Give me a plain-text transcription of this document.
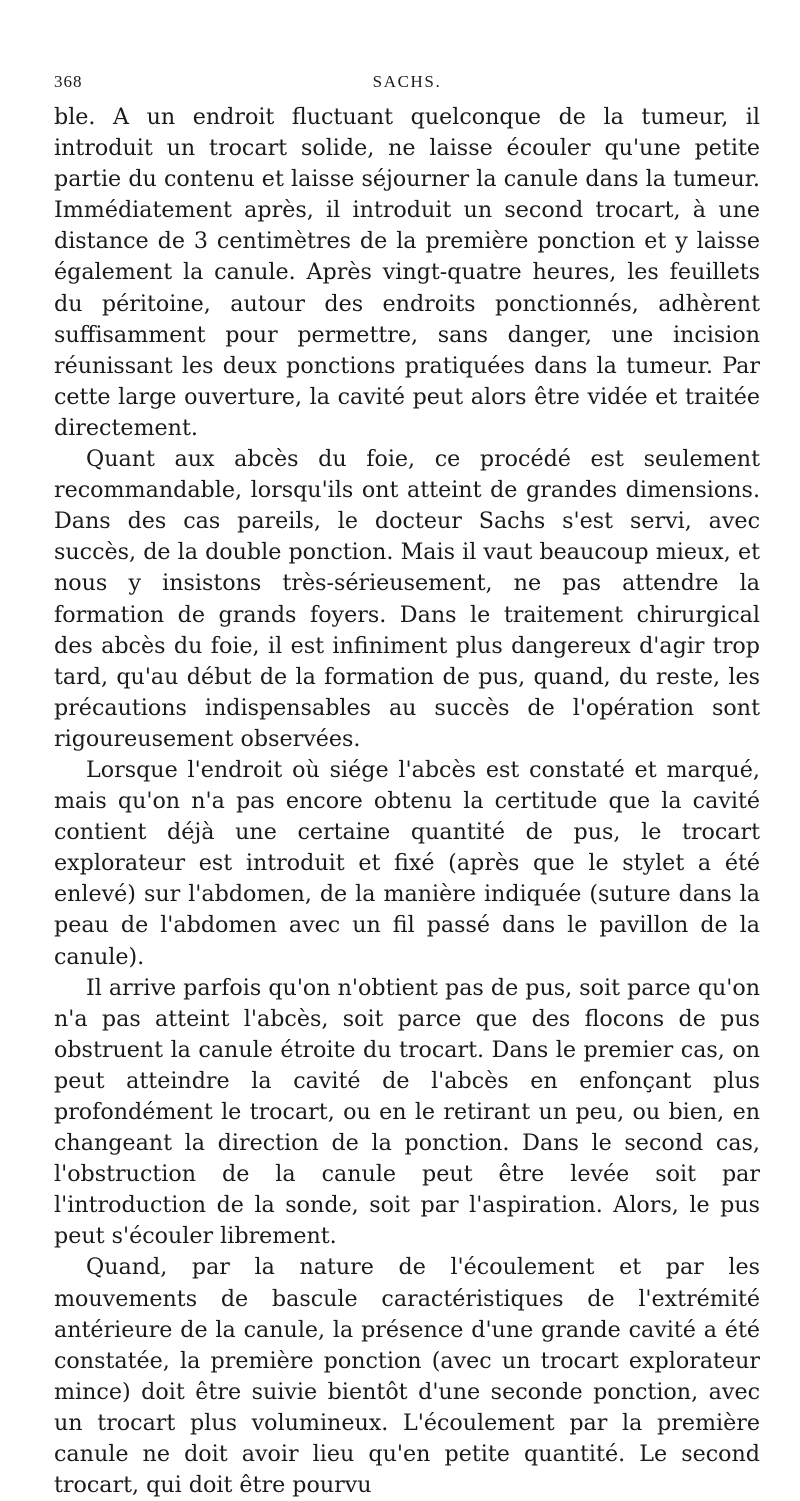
368	SACHS.

ble. A un endroit fluctuant quelconque de la tumeur, il introduit un trocart solide, ne laisse écouler qu'une petite partie du contenu et laisse séjourner la canule dans la tumeur. Immédiatement après, il introduit un second trocart, à une distance de 3 centimètres de la première ponction et y laisse également la canule. Après vingt-quatre heures, les feuillets du péritoine, autour des endroits ponctionnés, adhèrent suffisamment pour permettre, sans danger, une incision réunissant les deux ponctions pratiquées dans la tumeur. Par cette large ouverture, la cavité peut alors être vidée et traitée directement.

Quant aux abcès du foie, ce procédé est seulement recommandable, lorsqu'ils ont atteint de grandes dimensions. Dans des cas pareils, le docteur Sachs s'est servi, avec succès, de la double ponction. Mais il vaut beaucoup mieux, et nous y insistons très-sérieusement, ne pas attendre la formation de grands foyers. Dans le traitement chirurgical des abcès du foie, il est infiniment plus dangereux d'agir trop tard, qu'au début de la formation de pus, quand, du reste, les précautions indispensables au succès de l'opération sont rigoureusement observées.

Lorsque l'endroit où siége l'abcès est constaté et marqué, mais qu'on n'a pas encore obtenu la certitude que la cavité contient déjà une certaine quantité de pus, le trocart explorateur est introduit et fixé (après que le stylet a été enlevé) sur l'abdomen, de la manière indiquée (suture dans la peau de l'abdomen avec un fil passé dans le pavillon de la canule).

Il arrive parfois qu'on n'obtient pas de pus, soit parce qu'on n'a pas atteint l'abcès, soit parce que des flocons de pus obstruent la canule étroite du trocart. Dans le premier cas, on peut atteindre la cavité de l'abcès en enfonçant plus profondément le trocart, ou en le retirant un peu, ou bien, en changeant la direction de la ponction. Dans le second cas, l'obstruction de la canule peut être levée soit par l'introduction de la sonde, soit par l'aspiration. Alors, le pus peut s'écouler librement.

Quand, par la nature de l'écoulement et par les mouvements de bascule caractéristiques de l'extrémité antérieure de la canule, la présence d'une grande cavité a été constatée, la première ponction (avec un trocart explorateur mince) doit être suivie bientôt d'une seconde ponction, avec un trocart plus volumineux. L'écoulement par la première canule ne doit avoir lieu qu'en petite quantité. Le second trocart, qui doit être pourvu
